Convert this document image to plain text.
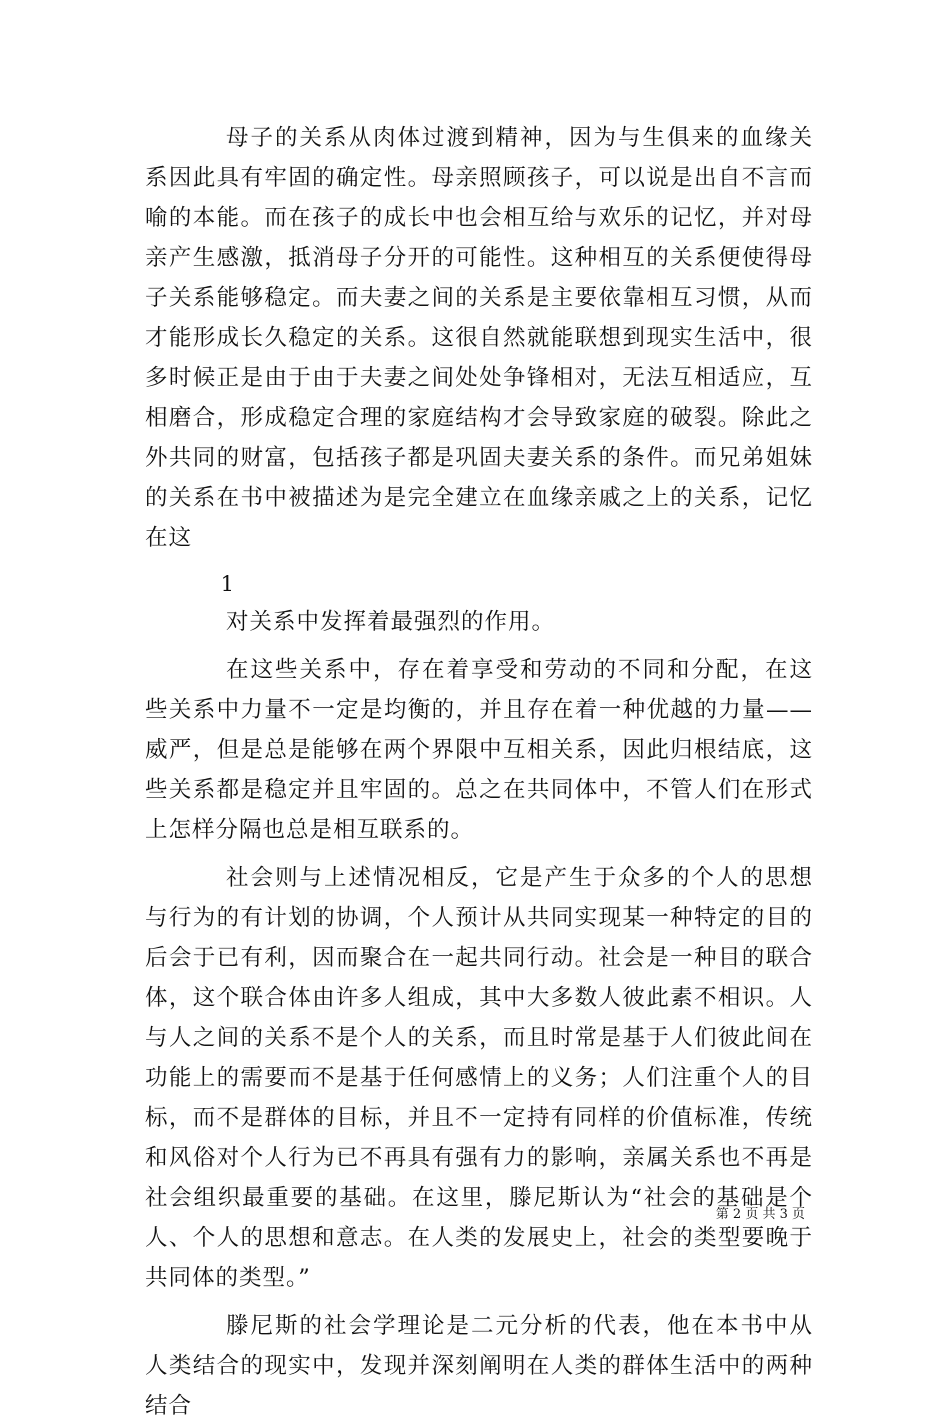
母子的关系从肉体过渡到精神，因为与生俱来的血缘关系因此具有牢固的确定性。母亲照顾孩子，可以说是出自不言而喻的本能。而在孩子的成长中也会相互给与欢乐的记忆，并对母亲产生感激，抵消母子分开的可能性。这种相互的关系便使得母子关系能够稳定。而夫妻之间的关系是主要依靠相互习惯，从而才能形成长久稳定的关系。这很自然就能联想到现实生活中，很多时候正是由于由于夫妻之间处处争锋相对，无法互相适应，互相磨合，形成稳定合理的家庭结构才会导致家庭的破裂。除此之外共同的财富，包括孩子都是巩固夫妻关系的条件。而兄弟姐妹的关系在书中被描述为是完全建立在血缘亲戚之上的关系，记忆在这

1

对关系中发挥着最强烈的作用。

在这些关系中，存在着享受和劳动的不同和分配，在这些关系中力量不一定是均衡的，并且存在着一种优越的力量——威严，但是总是能够在两个界限中互相关系，因此归根结底，这些关系都是稳定并且牢固的。总之在共同体中，不管人们在形式上怎样分隔也总是相互联系的。

社会则与上述情况相反，它是产生于众多的个人的思想与行为的有计划的协调，个人预计从共同实现某一种特定的目的后会于已有利，因而聚合在一起共同行动。社会是一种目的联合体，这个联合体由许多人组成，其中大多数人彼此素不相识。人与人之间的关系不是个人的关系，而且时常是基于人们彼此间在功能上的需要而不是基于任何感情上的义务；人们注重个人的目标，而不是群体的目标，并且不一定持有同样的价值标准，传统和风俗对个人行为已不再具有强有力的影响，亲属关系也不再是社会组织最重要的基础。在这里，滕尼斯认为“社会的基础是个人、个人的思想和意志。在人类的发展史上，社会的类型要晚于共同体的类型。”

滕尼斯的社会学理论是二元分析的代表，他在本书中从人类结合的现实中，发现并深刻阐明在人类的群体生活中的两种结合

第 2 页 共 3 页
